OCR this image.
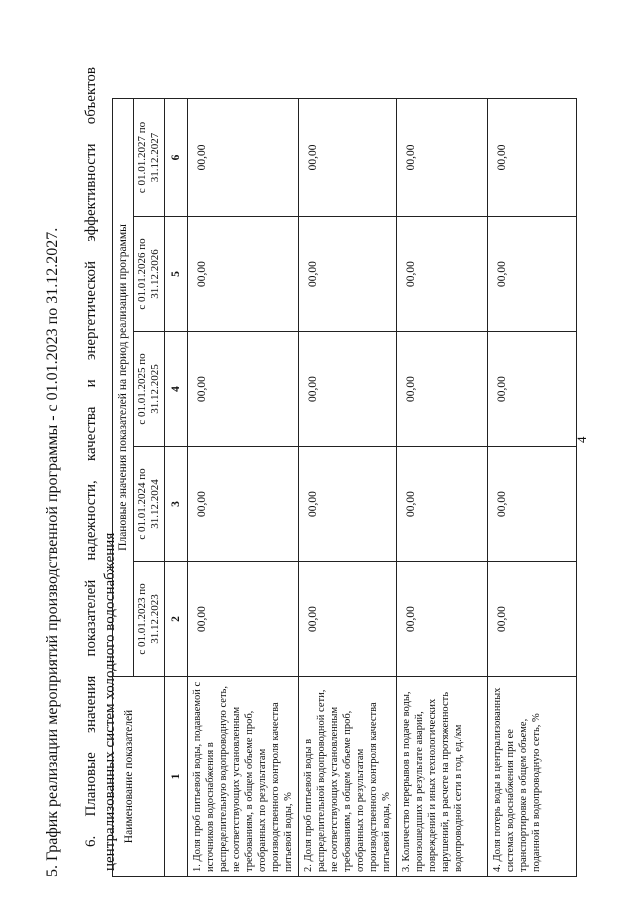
4
5. График реализации мероприятий производственной программы - с 01.01.2023 по 31.12.2027. 6.
Плановые
значения
показателей
надежности,
качества
и
энергетической
эффективности
объектов
централизованных систем холодного водоснабжения Наименование показателей	Плановые значения показателей на период реализации программы				
	с 01.01.2023 по 31.12.2023	с 01.01.2024 по 31.12.2024	с 01.01.2025 по 31.12.2025	с 01.01.2026 по 31.12.2026	с 01.01.2027 по 31.12.2027
1	2	3	4	5	6
1. Доля проб питьевой воды, подаваемой с источников водоснабжения в распределительную водопроводную сеть, не соответствующих установленным требованиям, в общем объеме проб, отобранных по результатам производственного контроля качества питьевой воды, %	00,00	00,00	00,00	00,00	00,00
2. Доля проб питьевой воды в распределительной водопроводной сети, не соответствующих установленным требованиям, в общем объеме проб, отобранных по результатам производственного контроля качества питьевой воды, %	00,00	00,00	00,00	00,00	00,00
3. Количество перерывов в подаче воды, произошедших в результате аварий, повреждений и иных технологических нарушений, в расчете на протяженность водопроводной сети в год, ед./км	00,00	00,00	00,00	00,00	00,00
4. Доля потерь воды в централизованных системах водоснабжения при ее транспортировке в общем объеме, поданной в водопроводную сеть, %	00,00	00,00	00,00	00,00	00,00
